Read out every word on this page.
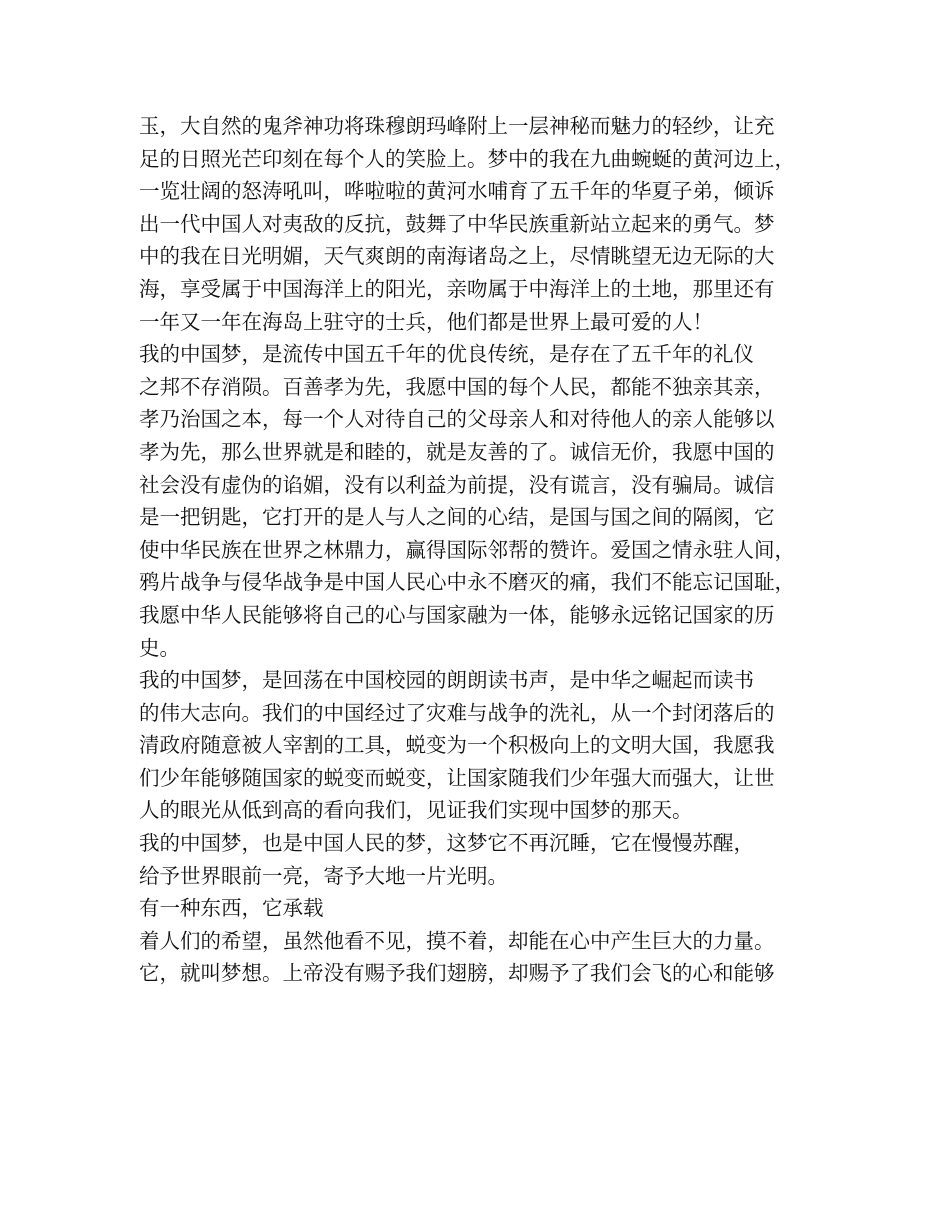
玉，大自然的鬼斧神功将珠穆朗玛峰附上一层神秘而魅力的轻纱，让充
足的日照光芒印刻在每个人的笑脸上。梦中的我在九曲蜿蜒的黄河边上，
一览壮阔的怒涛吼叫，哗啦啦的黄河水哺育了五千年的华夏子弟，倾诉
出一代中国人对夷敌的反抗，鼓舞了中华民族重新站立起来的勇气。梦
中的我在日光明媚，天气爽朗的南海诸岛之上，尽情眺望无边无际的大
海，享受属于中国海洋上的阳光，亲吻属于中海洋上的土地，那里还有
一年又一年在海岛上驻守的士兵，他们都是世界上最可爱的人！
我的中国梦，是流传中国五千年的优良传统，是存在了五千年的礼仪
之邦不存消陨。百善孝为先，我愿中国的每个人民，都能不独亲其亲，
孝乃治国之本，每一个人对待自己的父母亲人和对待他人的亲人能够以
孝为先，那么世界就是和睦的，就是友善的了。诚信无价，我愿中国的
社会没有虚伪的谄媚，没有以利益为前提，没有谎言，没有骗局。诚信
是一把钥匙，它打开的是人与人之间的心结，是国与国之间的隔阂，它
使中华民族在世界之林鼎力，赢得国际邻帮的赞许。爱国之情永驻人间，
鸦片战争与侵华战争是中国人民心中永不磨灭的痛，我们不能忘记国耻，
我愿中华人民能够将自己的心与国家融为一体，能够永远铭记国家的历
史。
我的中国梦，是回荡在中国校园的朗朗读书声，是中华之崛起而读书
的伟大志向。我们的中国经过了灾难与战争的洗礼，从一个封闭落后的
清政府随意被人宰割的工具，蜕变为一个积极向上的文明大国，我愿我
们少年能够随国家的蜕变而蜕变，让国家随我们少年强大而强大，让世
人的眼光从低到高的看向我们，见证我们实现中国梦的那天。
我的中国梦，也是中国人民的梦，这梦它不再沉睡，它在慢慢苏醒，
给予世界眼前一亮，寄予大地一片光明。
有一种东西，它承载
着人们的希望，虽然他看不见，摸不着，却能在心中产生巨大的力量。
它，就叫梦想。上帝没有赐予我们翅膀，却赐予了我们会飞的心和能够
